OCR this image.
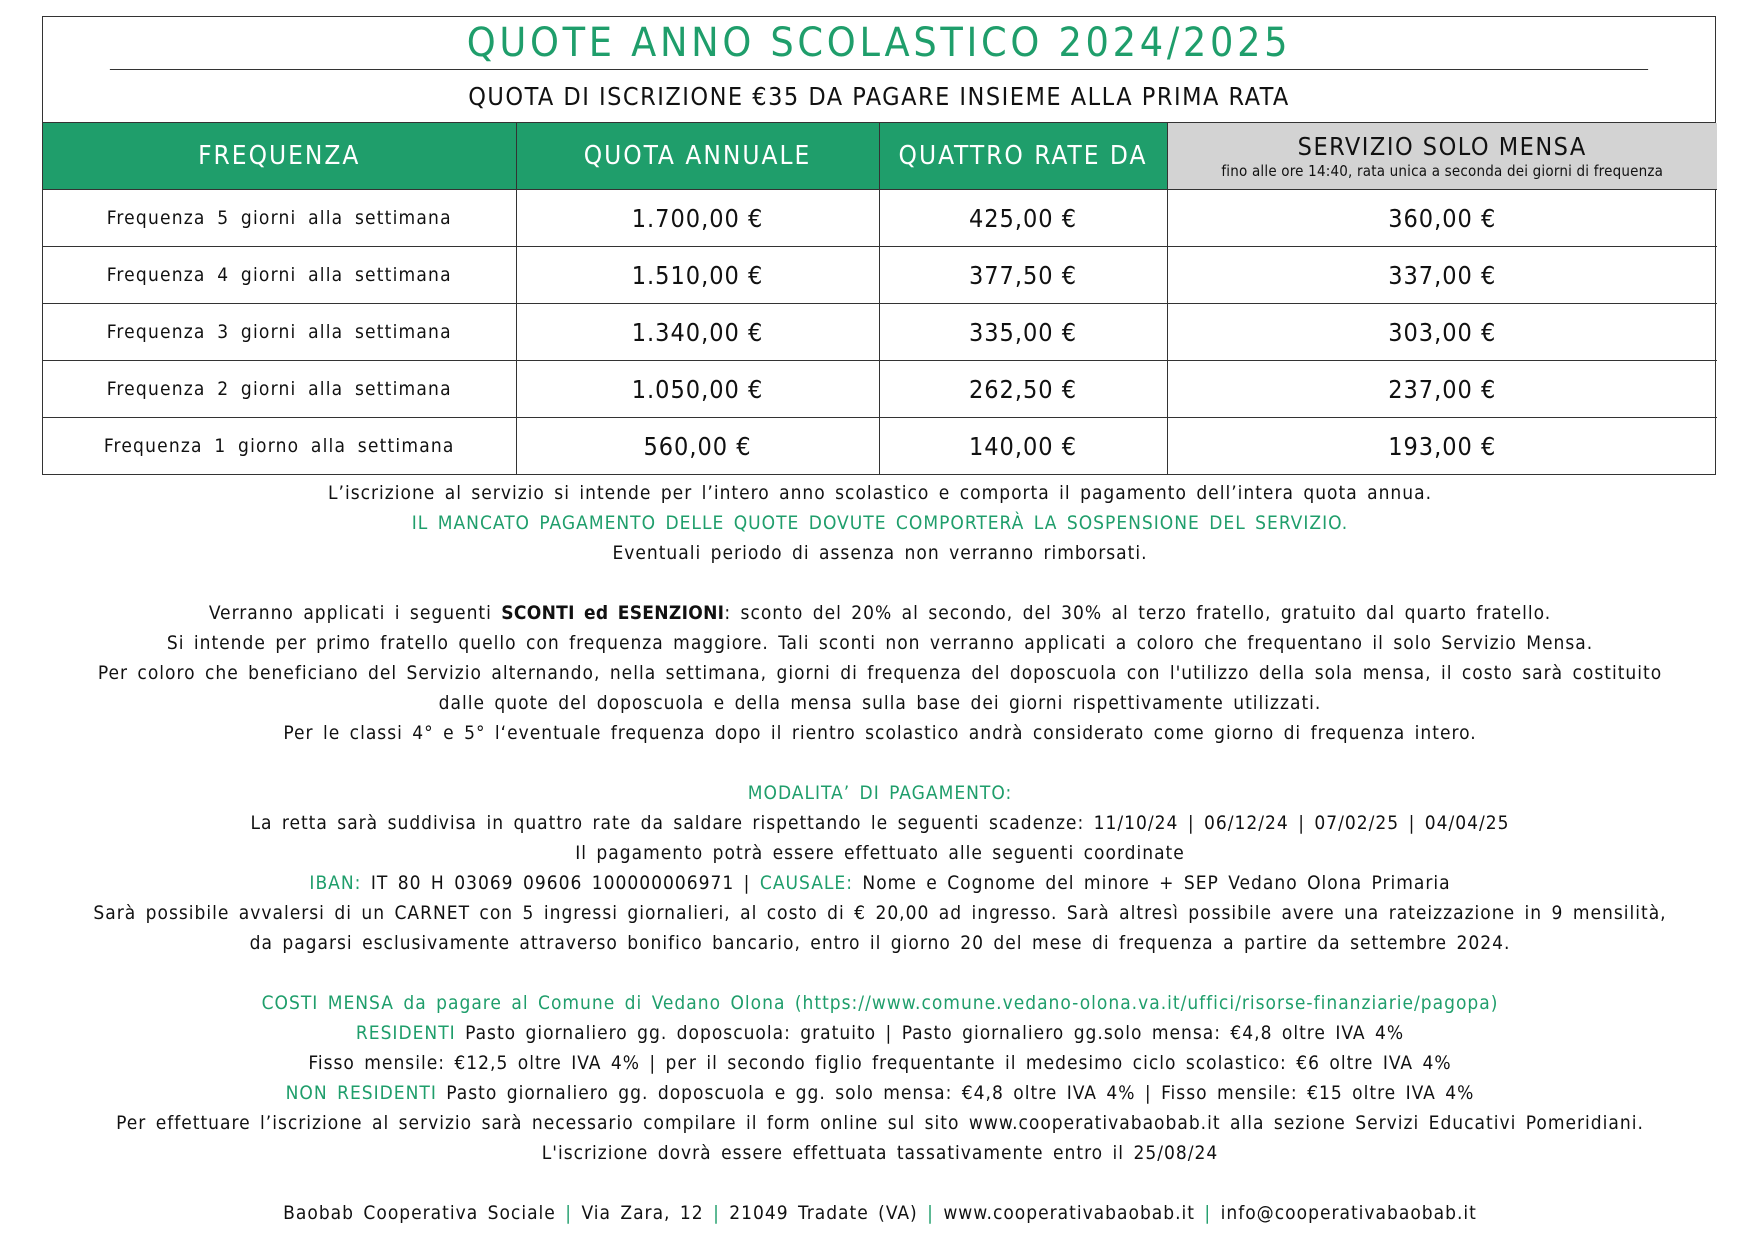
QUOTE ANNO SCOLASTICO 2024/2025
QUOTA DI ISCRIZIONE €35 DA PAGARE INSIEME ALLA PRIMA RATA
FREQUENZA	QUOTA ANNUALE	QUATTRO RATE DA	SERVIZIO SOLO MENSA
fino alle ore 14:40, rata unica a seconda dei giorni di frequenza

Frequenza 5 giorni alla settimana	1.700,00 €	425,00 €	360,00 €
Frequenza 4 giorni alla settimana	1.510,00 €	377,50 €	337,00 €
Frequenza 3 giorni alla settimana	1.340,00 €	335,00 €	303,00 €
Frequenza 2 giorni alla settimana	1.050,00 €	262,50 €	237,00 €
Frequenza 1 giorno alla settimana	560,00 €	140,00 €	193,00 €

L’iscrizione al servizio si intende per l’intero anno scolastico e comporta il pagamento dell’intera quota annua.

IL MANCATO PAGAMENTO DELLE QUOTE DOVUTE COMPORTERÀ LA SOSPENSIONE DEL SERVIZIO.

Eventuali periodo di assenza non verranno rimborsati.

Verranno applicati i seguenti SCONTI ed ESENZIONI: sconto del 20% al secondo, del 30% al terzo fratello, gratuito dal quarto fratello.

Si intende per primo fratello quello con frequenza maggiore. Tali sconti non verranno applicati a coloro che frequentano il solo Servizio Mensa.

Per coloro che beneficiano del Servizio alternando, nella settimana, giorni di frequenza del doposcuola con l'utilizzo della sola mensa, il costo sarà costituito

dalle quote del doposcuola e della mensa sulla base dei giorni rispettivamente utilizzati.

Per le classi 4° e 5° l‘eventuale frequenza dopo il rientro scolastico andrà considerato come giorno di frequenza intero.

MODALITA’ DI PAGAMENTO:

La retta sarà suddivisa in quattro rate da saldare rispettando le seguenti scadenze: 11/10/24 | 06/12/24 | 07/02/25 | 04/04/25

Il pagamento potrà essere effettuato alle seguenti coordinate

IBAN: IT 80 H 03069 09606 100000006971 | CAUSALE: Nome e Cognome del minore + SEP Vedano Olona Primaria

Sarà possibile avvalersi di un CARNET con 5 ingressi giornalieri, al costo di € 20,00 ad ingresso. Sarà altresì possibile avere una rateizzazione in 9 mensilità,

da pagarsi esclusivamente attraverso bonifico bancario, entro il giorno 20 del mese di frequenza a partire da settembre 2024.

COSTI MENSA da pagare al Comune di Vedano Olona (https://www.comune.vedano-olona.va.it/uffici/risorse-finanziarie/pagopa)

RESIDENTI Pasto giornaliero gg. doposcuola: gratuito | Pasto giornaliero gg.solo mensa: €4,8 oltre IVA 4%

Fisso mensile: €12,5 oltre IVA 4% | per il secondo figlio frequentante il medesimo ciclo scolastico: €6 oltre IVA 4%

NON RESIDENTI Pasto giornaliero gg. doposcuola e gg. solo mensa: €4,8 oltre IVA 4% | Fisso mensile: €15 oltre IVA 4%

Per effettuare l’iscrizione al servizio sarà necessario compilare il form online sul sito www.cooperativabaobab.it alla sezione Servizi Educativi Pomeridiani.

L'iscrizione dovrà essere effettuata tassativamente entro il 25/08/24

Baobab Cooperativa Sociale | Via Zara, 12 | 21049 Tradate (VA) | www.cooperativabaobab.it | info@cooperativabaobab.it
